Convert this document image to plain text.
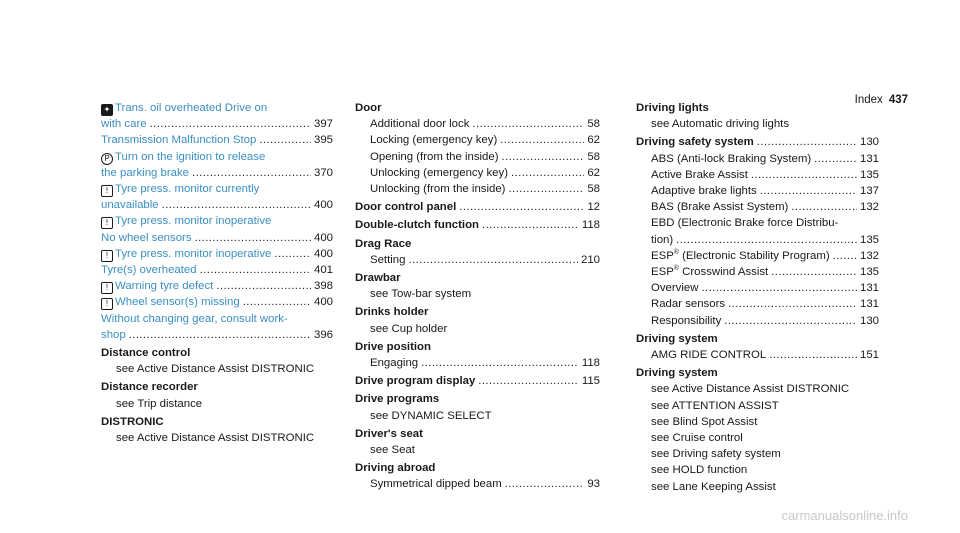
Index 437
✦ Trans. oil overheated Drive on
with care .....	397
Transmission Malfunction Stop .....	395
P Turn on the ignition to release
the parking brake .....	370
! Tyre press. monitor currently
unavailable .....	400
! Tyre press. monitor inoperative
No wheel sensors .....	400
! Tyre press. monitor inoperative .....	400
Tyre(s) overheated .....	401
! Warning tyre defect .....	398
! Wheel sensor(s) missing .....	400
Without changing gear, consult work-
shop .....	396
Distance control
see Active Distance Assist DISTRONIC
Distance recorder
see Trip distance
DISTRONIC
see Active Distance Assist DISTRONIC
Door
Additional door lock .....	58
Locking (emergency key) .....	62
Opening (from the inside) .....	58
Unlocking (emergency key) .....	62
Unlocking (from the inside) .....	58
Door control panel .....	12
Double-clutch function .....	118
Drag Race
Setting .....	210
Drawbar
see Tow-bar system
Drinks holder
see Cup holder
Drive position
Engaging .....	118
Drive program display .....	115
Drive programs
see DYNAMIC SELECT
Driver's seat
see Seat
Driving abroad
Symmetrical dipped beam .....	93
Driving lights
see Automatic driving lights
Driving safety system .....	130
ABS (Anti-lock Braking System) .....	131
Active Brake Assist .....	135
Adaptive brake lights .....	137
BAS (Brake Assist System) .....	132
EBD (Electronic Brake force Distribu-
tion) .....	135
ESP® (Electronic Stability Program) .....	132
ESP® Crosswind Assist .....	135
Overview .....	131
Radar sensors .....	131
Responsibility .....	130
Driving system
AMG RIDE CONTROL .....	151
Driving system
see Active Distance Assist DISTRONIC
see ATTENTION ASSIST
see Blind Spot Assist
see Cruise control
see Driving safety system
see HOLD function
see Lane Keeping Assist
carmanualsonline.info
